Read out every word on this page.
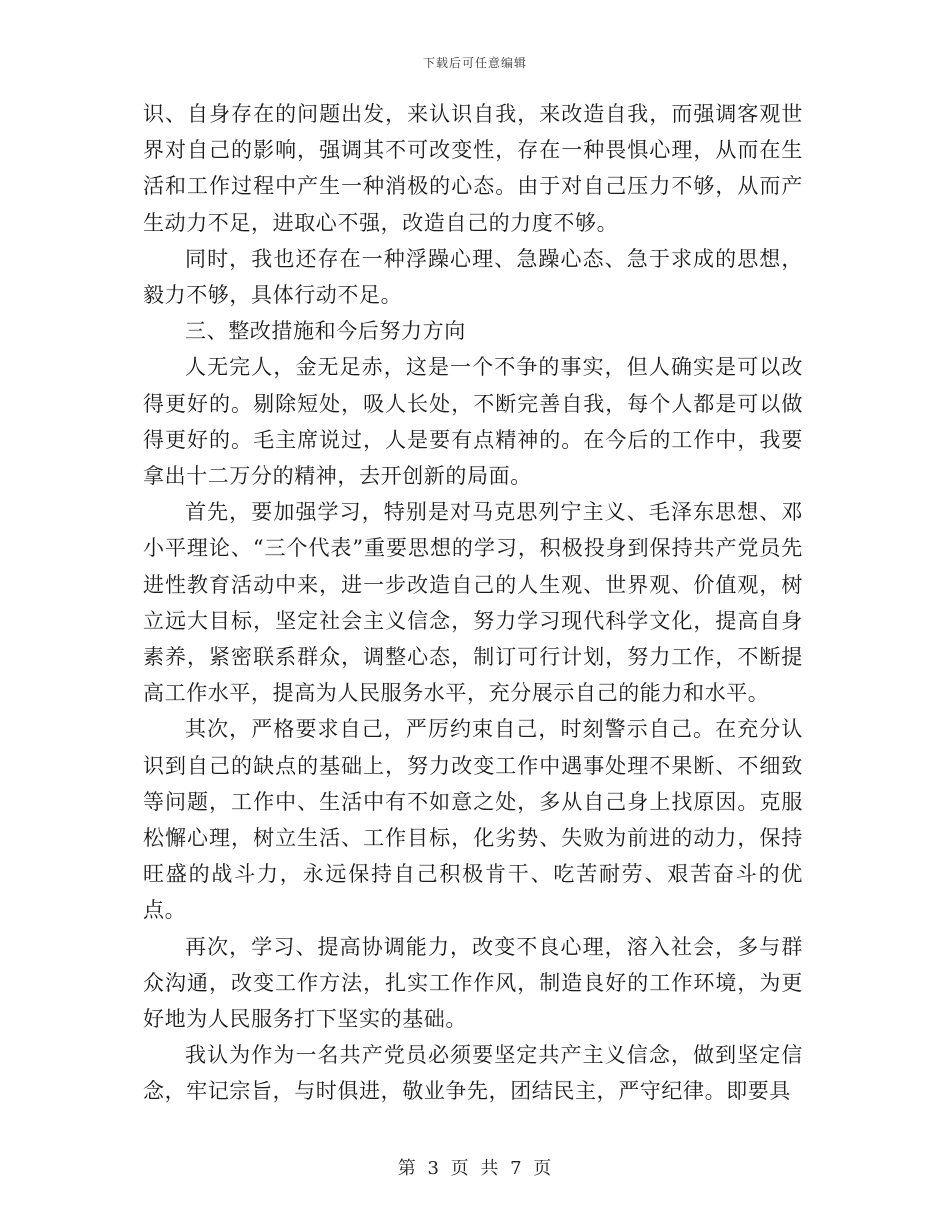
下载后可任意编辑

识、自身存在的问题出发，来认识自我，来改造自我，而强调客观世界对自己的影响，强调其不可改变性，存在一种畏惧心理，从而在生活和工作过程中产生一种消极的心态。由于对自己压力不够，从而产生动力不足，进取心不强，改造自己的力度不够。

同时，我也还存在一种浮躁心理、急躁心态、急于求成的思想，毅力不够，具体行动不足。

三、整改措施和今后努力方向

人无完人，金无足赤，这是一个不争的事实，但人确实是可以改得更好的。剔除短处，吸人长处，不断完善自我，每个人都是可以做得更好的。毛主席说过，人是要有点精神的。在今后的工作中，我要拿出十二万分的精神，去开创新的局面。

首先，要加强学习，特别是对马克思列宁主义、毛泽东思想、邓小平理论、“三个代表”重要思想的学习，积极投身到保持共产党员先进性教育活动中来，进一步改造自己的人生观、世界观、价值观，树立远大目标，坚定社会主义信念，努力学习现代科学文化，提高自身素养，紧密联系群众，调整心态，制订可行计划，努力工作，不断提高工作水平，提高为人民服务水平，充分展示自己的能力和水平。

其次，严格要求自己，严厉约束自己，时刻警示自己。在充分认识到自己的缺点的基础上，努力改变工作中遇事处理不果断、不细致等问题，工作中、生活中有不如意之处，多从自己身上找原因。克服松懈心理，树立生活、工作目标，化劣势、失败为前进的动力，保持旺盛的战斗力，永远保持自己积极肯干、吃苦耐劳、艰苦奋斗的优点。

再次，学习、提高协调能力，改变不良心理，溶入社会，多与群众沟通，改变工作方法，扎实工作作风，制造良好的工作环境，为更好地为人民服务打下坚实的基础。

我认为作为一名共产党员必须要坚定共产主义信念，做到坚定信念，牢记宗旨，与时俱进，敬业争先，团结民主，严守纪律。即要具

第 3 页 共 7 页
